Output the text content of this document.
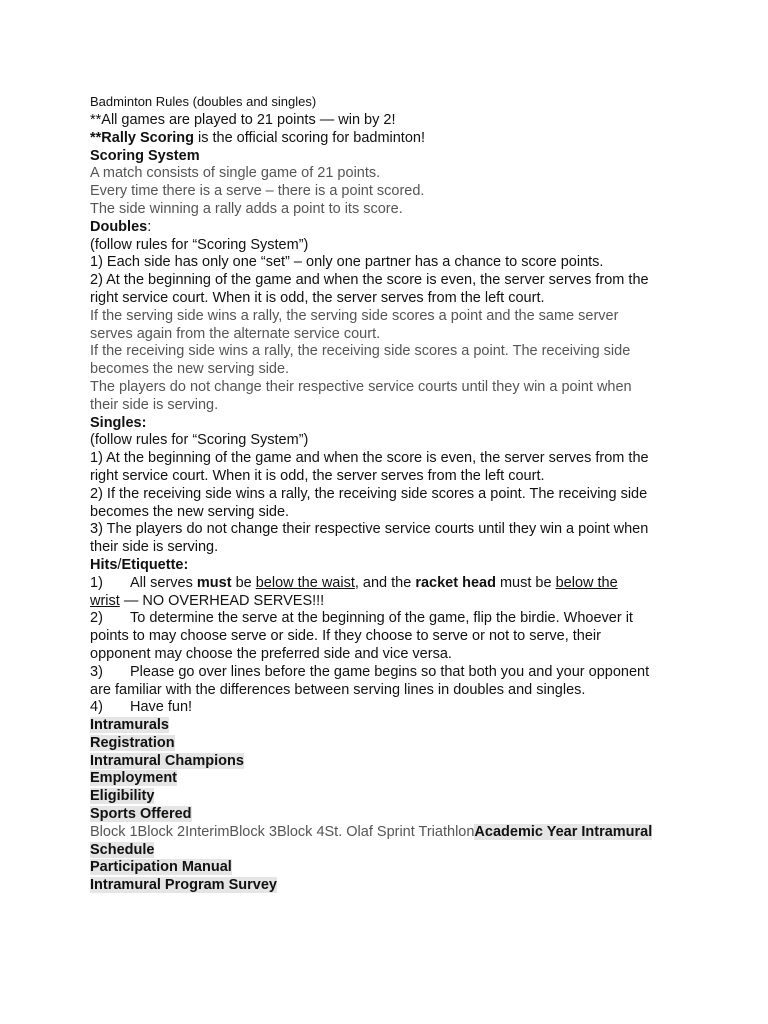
Badminton Rules (doubles and singles)
**All games are played to 21 points — win by 2!
**Rally Scoring is the official scoring for badminton!
Scoring System
A match consists of single game of 21 points.
Every time there is a serve – there is a point scored.
The side winning a rally adds a point to its score.
Doubles:
(follow rules for “Scoring System”)
1) Each side has only one “set” – only one partner has a chance to score points.
2) At the beginning of the game and when the score is even, the server serves from the
right service court. When it is odd, the server serves from the left court.
If the serving side wins a rally, the serving side scores a point and the same server
serves again from the alternate service court.
If the receiving side wins a rally, the receiving side scores a point. The receiving side
becomes the new serving side.
The players do not change their respective service courts until they win a point when
their side is serving.
Singles:
(follow rules for “Scoring System”)
1) At the beginning of the game and when the score is even, the server serves from the
right service court. When it is odd, the server serves from the left court.
2) If the receiving side wins a rally, the receiving side scores a point. The receiving side
becomes the new serving side.
3) The players do not change their respective service courts until they win a point when
their side is serving.
Hits/Etiquette:
1) All serves must be below the waist, and the racket head must be below the
wrist — NO OVERHEAD SERVES!!!
2) To determine the serve at the beginning of the game, flip the birdie. Whoever it
points to may choose serve or side. If they choose to serve or not to serve, their
opponent may choose the preferred side and vice versa.
3) Please go over lines before the game begins so that both you and your opponent
are familiar with the differences between serving lines in doubles and singles.
4) Have fun!
Intramurals
Registration
Intramural Champions
Employment
Eligibility
Sports Offered
Block 1Block 2InterimBlock 3Block 4St. Olaf Sprint TriathlonAcademic Year Intramural
Schedule
Participation Manual
Intramural Program Survey
